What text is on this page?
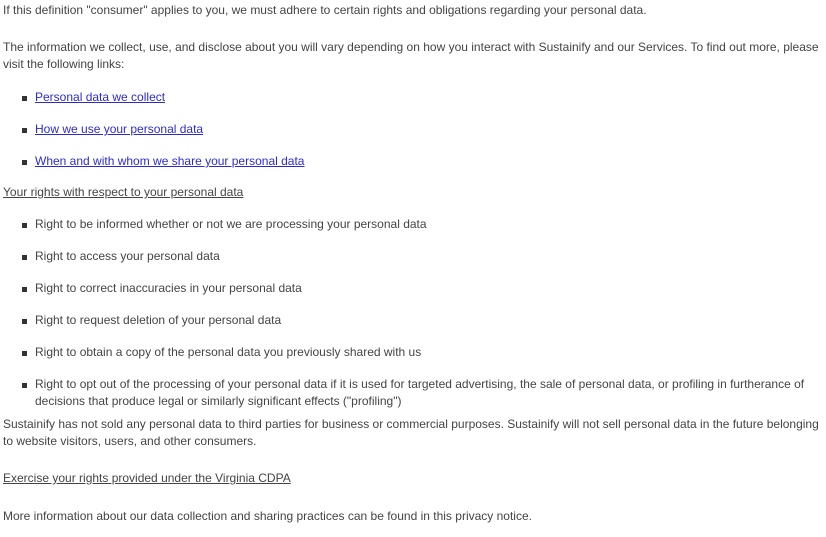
If this definition "consumer" applies to you, we must adhere to certain rights and obligations regarding your personal data.

The information we collect, use, and disclose about you will vary depending on how you interact with Sustainify and our Services. To find out more, please visit the following links:

Personal data we collect
How we use your personal data
When and with whom we share your personal data

Your rights with respect to your personal data

Right to be informed whether or not we are processing your personal data
Right to access your personal data
Right to correct inaccuracies in your personal data
Right to request deletion of your personal data
Right to obtain a copy of the personal data you previously shared with us
Right to opt out of the processing of your personal data if it is used for targeted advertising, the sale of personal data, or profiling in furtherance of decisions that produce legal or similarly significant effects ("profiling")

Sustainify has not sold any personal data to third parties for business or commercial purposes. Sustainify will not sell personal data in the future belonging to website visitors, users, and other consumers.

Exercise your rights provided under the Virginia CDPA

More information about our data collection and sharing practices can be found in this privacy notice.
